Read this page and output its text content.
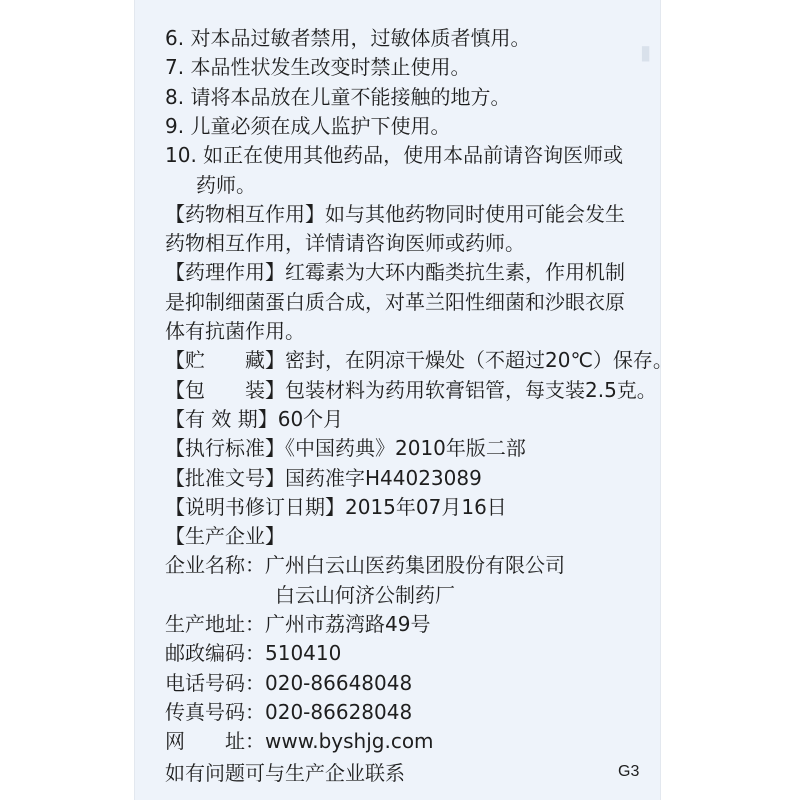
▮
6. 对本品过敏者禁用，过敏体质者慎用。
7. 本品性状发生改变时禁止使用。
8. 请将本品放在儿童不能接触的地方。
9. 儿童必须在成人监护下使用。
10. 如正在使用其他药品，使用本品前请咨询医师或
药师。
【药物相互作用】如与其他药物同时使用可能会发生
药物相互作用，详情请咨询医师或药师。
【药理作用】红霉素为大环内酯类抗生素，作用机制
是抑制细菌蛋白质合成，对革兰阳性细菌和沙眼衣原
体有抗菌作用。
【贮　　藏】密封，在阴凉干燥处（不超过20℃）保存。
【包　　装】包装材料为药用软膏铝管，每支装2.5克。
【有 效 期】60个月
【执行标准】《中国药典》2010年版二部
【批准文号】国药准字H44023089
【说明书修订日期】2015年07月16日
【生产企业】
企业名称：广州白云山医药集团股份有限公司
白云山何济公制药厂
生产地址：广州市荔湾路49号
邮政编码：510410
电话号码：020-86648048
传真号码：020-86628048
网　　址：www.byshjg.com
如有问题可与生产企业联系	G3
